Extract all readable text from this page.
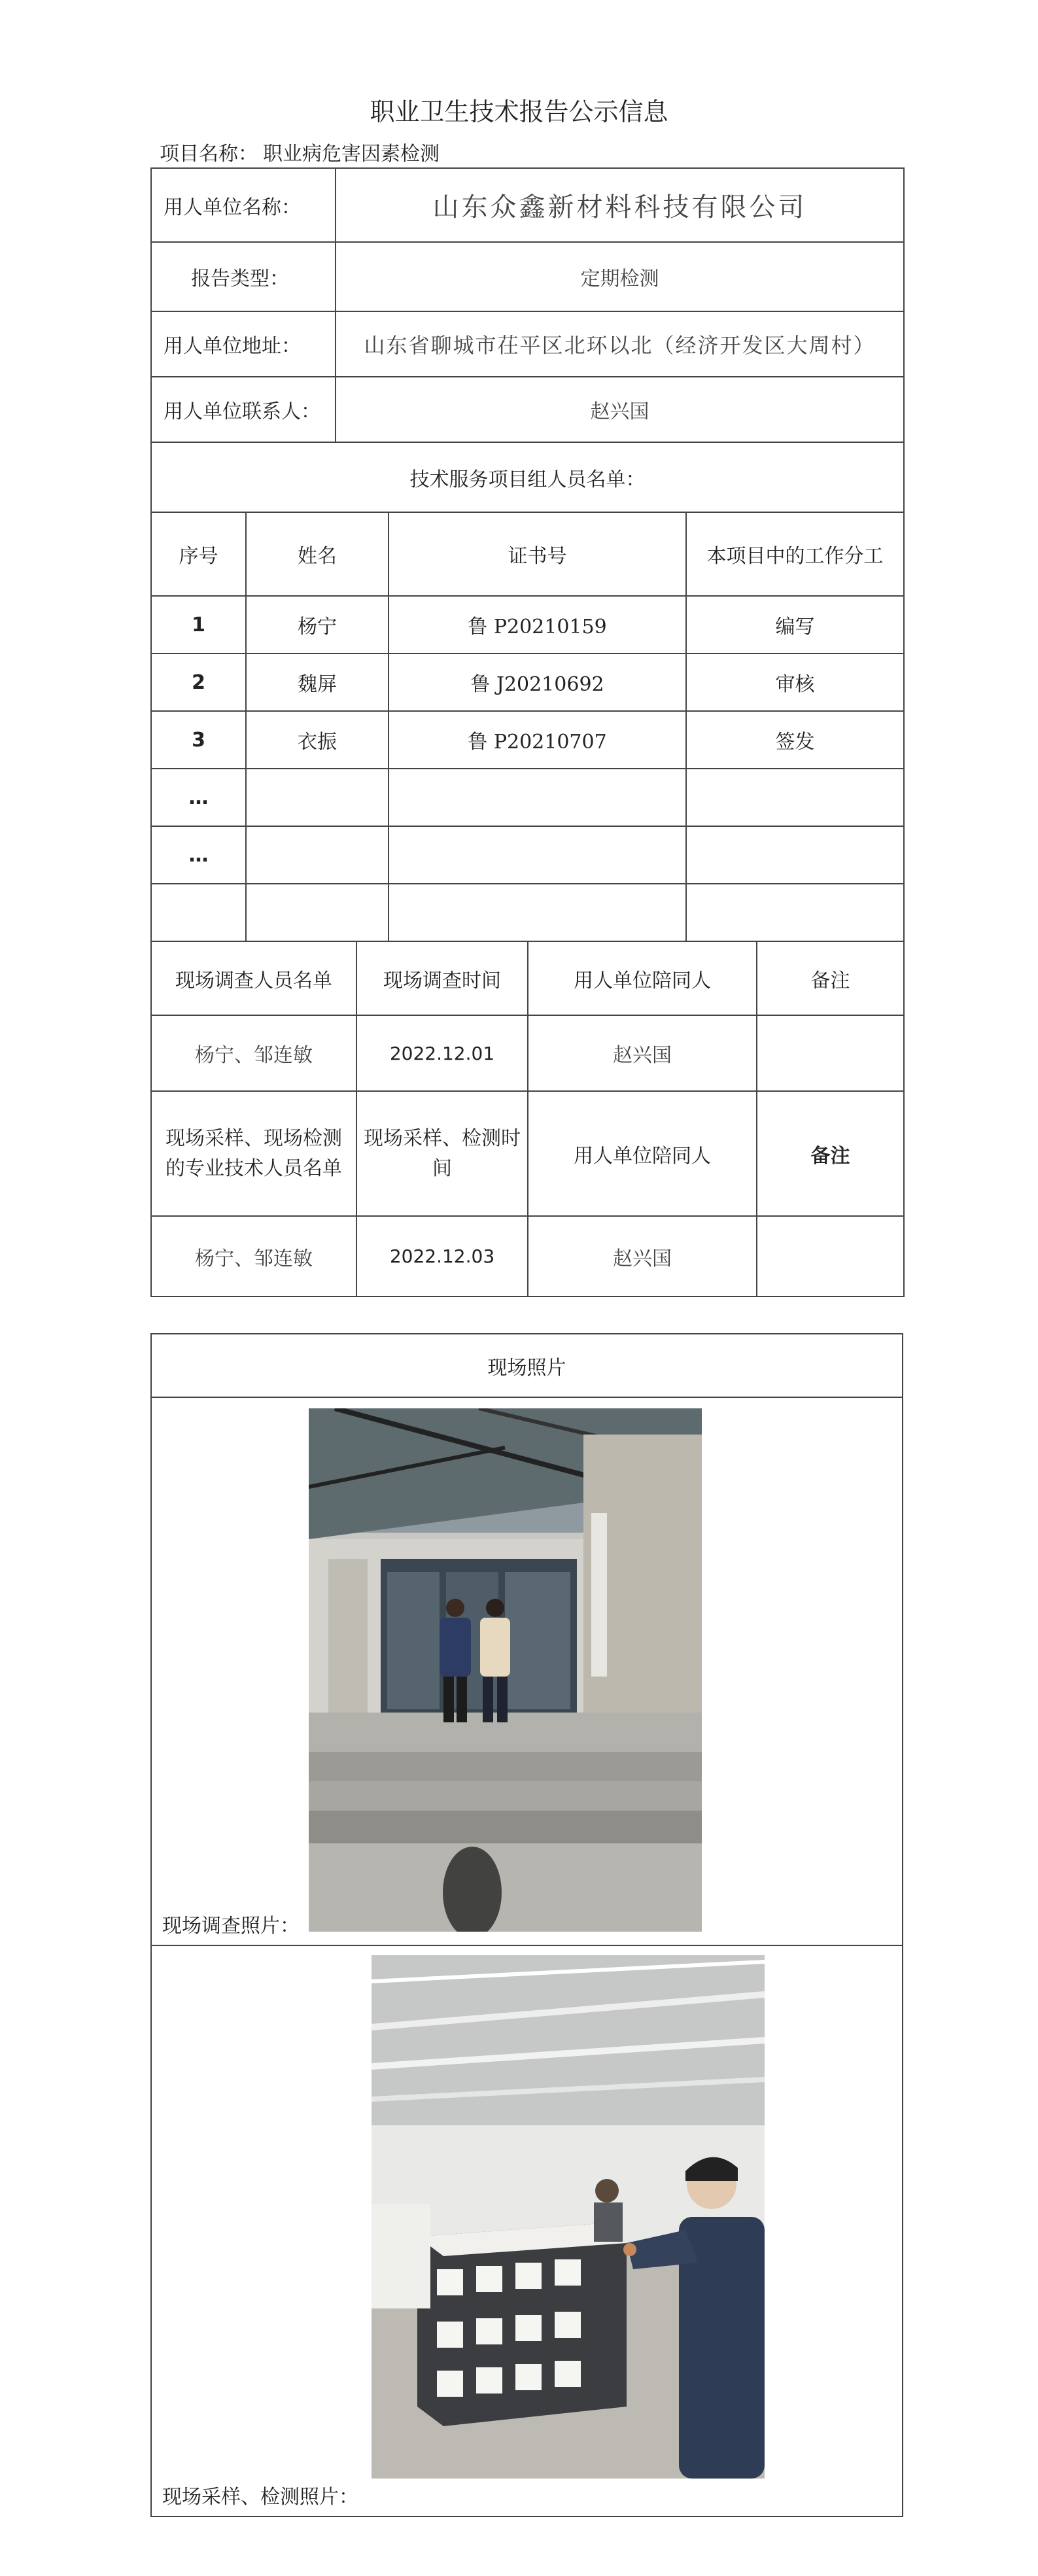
职业卫生技术报告公示信息
项目名称： 职业病危害因素检测
用人单位名称：	山东众鑫新材料科技有限公司
报告类型：	定期检测
用人单位地址：	山东省聊城市茌平区北环以北（经济开发区大周村）
用人单位联系人：	赵兴国
技术服务项目组人员名单：	
序号	姓名	证书号	本项目中的工作分工
1	杨宁	鲁 P20210159	编写
2	魏屏	鲁 J20210692	审核
3	衣振	鲁 P20210707	签发
…			
…			

现场调查人员名单	现场调查时间	用人单位陪同人	备注
杨宁、邹连敏	2022.12.01	赵兴国	
现场采样、现场检测的专业技术人员名单	现场采样、检测时间	用人单位陪同人	备注
杨宁、邹连敏	2022.12.03	赵兴国	
现场照片

现场调查照片：

现场采样、检测照片：
